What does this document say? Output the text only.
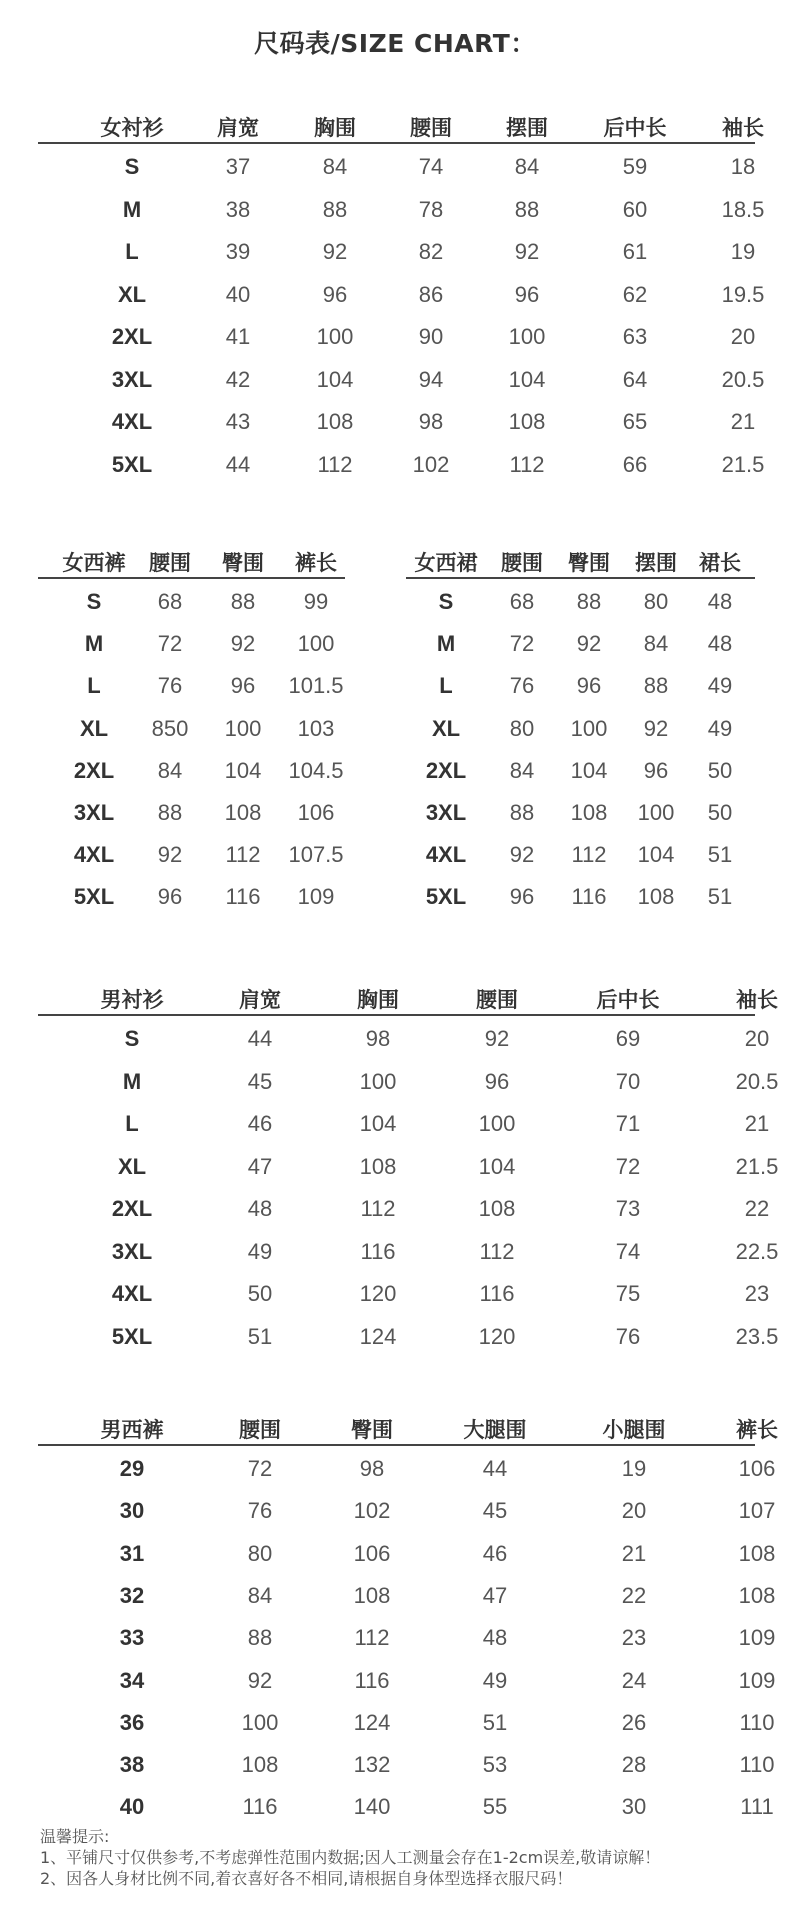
尺码表/SIZE CHART：
女衬衫	肩宽	胸围	腰围	摆围	后中长	袖长
S	37	84	74	84	59	18
M	38	88	78	88	60	18.5
L	39	92	82	92	61	19
XL	40	96	86	96	62	19.5
2XL	41	100	90	100	63	20
3XL	42	104	94	104	64	20.5
4XL	43	108	98	108	65	21
5XL	44	112	102	112	66	21.5
女西裤 腰围 臀围 裤长
S	68 88 99
M 72 92 100
L	76 96 101.5
XL 850 100 103
2XL 84 104 104.5
3XL 88 108 106
4XL 92 112 107.5
5XL 96 116 109
女西裙 腰围 臀围 摆围 裙长
S	68 88 80 48
M 72 92 84 48
L	76 96 88 49
XL 80 100 92 49
2XL 84 104 96 50
3XL 88 108 100 50
4XL 92 112 104 51
5XL 96 116 108 51
男衬衫	肩宽	胸围	腰围	后中长	袖长
S	44	98	92	69	20
M	45	100	96	70	20.5
L	46	104	100	71	21
XL	47	108	104	72	21.5
2XL	48	112	108	73	22
3XL	49	116	112	74	22.5
4XL	50	120	116	75	23
5XL	51	124	120	76	23.5
男西裤	腰围	臀围	大腿围	小腿围	裤长
29	72	98	44	19	106
30	76	102	45	20	107
31	80	106	46	21	108
32	84	108	47	22	108
33	88	112	48	23	109
34	92	116	49	24	109
36	100	124	51	26	110
38	108	132	53	28	110
40	116	140	55	30	111
温馨提示:
1、平铺尺寸仅供参考,不考虑弹性范围内数据;因人工测量会存在1-2cm误差,敬请谅解！
2、因各人身材比例不同,着衣喜好各不相同,请根据自身体型选择衣服尺码！
